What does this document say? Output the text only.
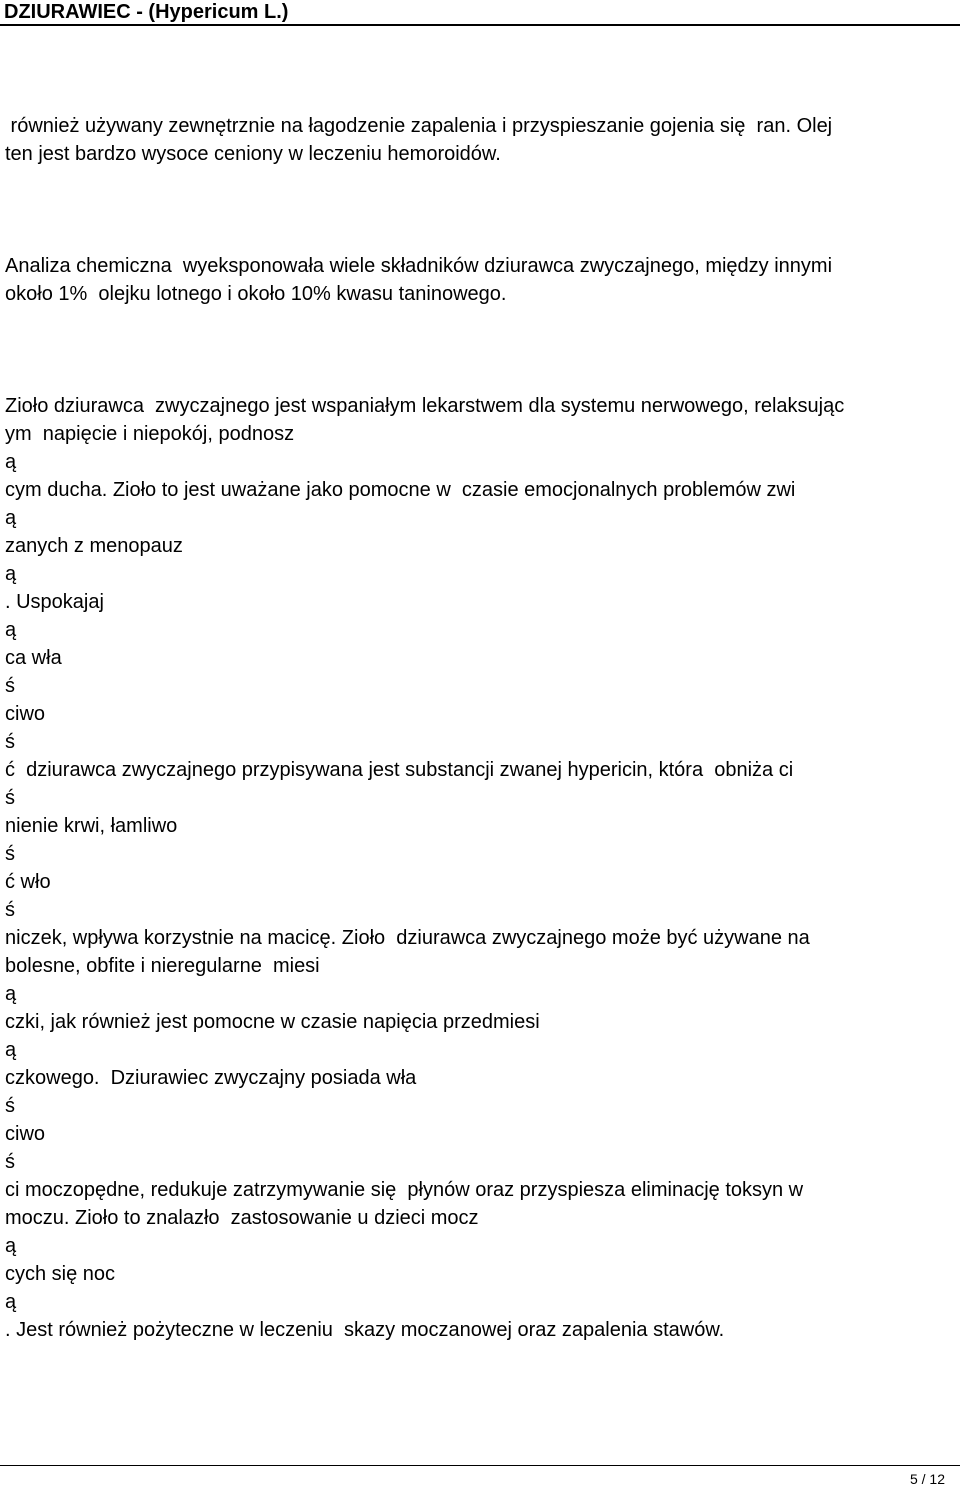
DZIURAWIEC - (Hypericum L.)
również używany zewnętrznie na łagodzenie zapalenia i przyspieszanie gojenia się  ran. Olej
ten jest bardzo wysoce ceniony w leczeniu hemoroidów.
Analiza chemiczna  wyeksponowała wiele składników dziurawca zwyczajnego, między innymi
około 1%  olejku lotnego i około 10% kwasu taninowego.
Zioło dziurawca  zwyczajnego jest wspaniałym lekarstwem dla systemu nerwowego, relaksując
ym  napięcie i niepokój, podnosz
ą
cym ducha. Zioło to jest uważane jako pomocne w  czasie emocjonalnych problemów zwi
ą
zanych z menopauz
ą
. Uspokajaj
ą
ca wła
ś
ciwo
ś
ć  dziurawca zwyczajnego przypisywana jest substancji zwanej hypericin, która  obniża ci
ś
nienie krwi, łamliwo
ś
ć wło
ś
niczek, wpływa korzystnie na macicę. Zioło  dziurawca zwyczajnego może być używane na
bolesne, obfite i nieregularne  miesi
ą
czki, jak również jest pomocne w czasie napięcia przedmiesi
ą
czkowego.  Dziurawiec zwyczajny posiada wła
ś
ciwo
ś
ci moczopędne, redukuje zatrzymywanie się  płynów oraz przyspiesza eliminację toksyn w
moczu. Zioło to znalazło  zastosowanie u dzieci mocz
ą
cych się noc
ą
. Jest również pożyteczne w leczeniu  skazy moczanowej oraz zapalenia stawów.
5 / 12
